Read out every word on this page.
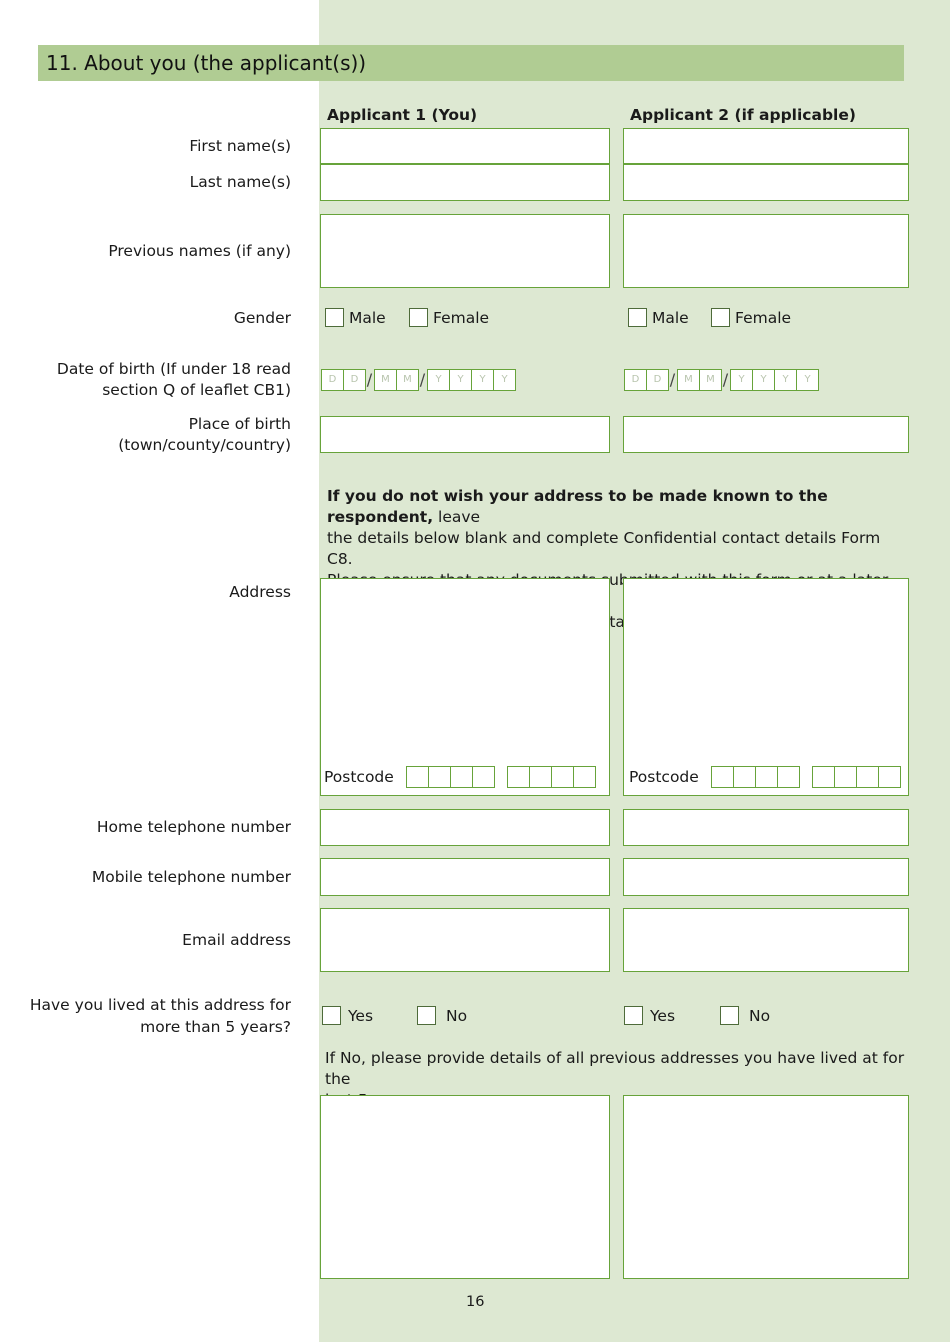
11. About you (the applicant(s))
Applicant 1 (You)	Applicant 2 (if applicable)
First name(s)
Last name(s)
Previous names (if any)
Gender	Male	Female	Male	Female
Date of birth (If under 18 read
section Q of leaflet CB1)
D	D / M	M /	Y	Y	Y	Y	D	D / M	M /	Y	Y	Y	Y
Place of birth
(town/county/country)
If you do not wish your address to be made known to the respondent, leave
the details below blank and complete Confidential contact details Form C8.
contact
Address
Postcode	Postcode
Home telephone number
Mobile telephone number
Email address
Have you lived at this address for
more than 5 years?
Yes	No	Yes	No
If No, please provide details of all previous addresses you have lived at for the
16
